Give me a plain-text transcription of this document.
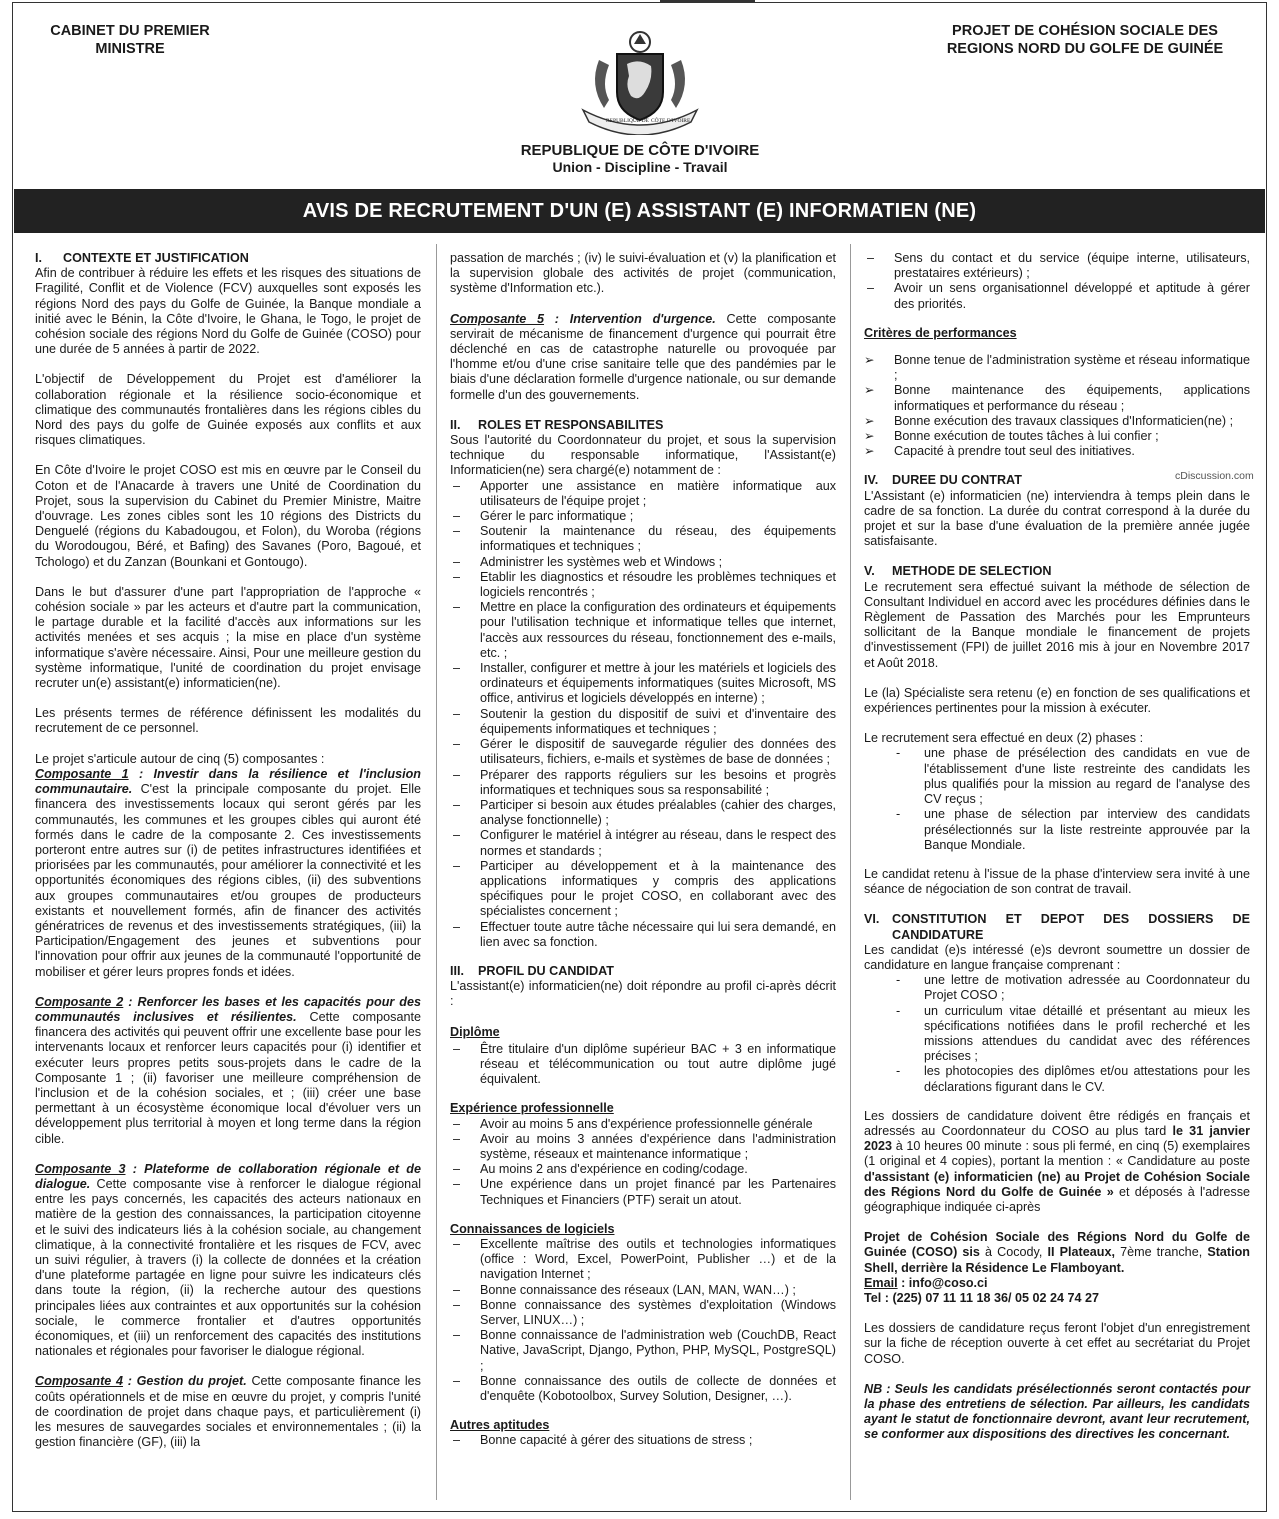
CABINET DU PREMIER MINISTRE
PROJET DE COHÉSION SOCIALE DES REGIONS NORD DU GOLFE DE GUINÉE
REPUBLIQUE DE CÔTE D'IVOIRE
REPUBLIQUE DE CÔTE D'IVOIRE
Union - Discipline - Travail
AVIS DE RECRUTEMENT D'UN (E) ASSISTANT (E) INFORMATIEN (NE)
I. CONTEXTE ET JUSTIFICATION

Afin de contribuer à réduire les effets et les risques des situations de Fragilité, Conflit et de Violence (FCV) auxquelles sont exposés les régions Nord des pays du Golfe de Guinée, la Banque mondiale a initié avec le Bénin, la Côte d'Ivoire, le Ghana, le Togo, le projet de cohésion sociale des régions Nord du Golfe de Guinée (COSO) pour une durée de 5 années à partir de 2022.

L'objectif de Développement du Projet est d'améliorer la collaboration régionale et la résilience socio-économique et climatique des communautés frontalières dans les régions cibles du Nord des pays du golfe de Guinée exposés aux conflits et aux risques climatiques.

En Côte d'Ivoire le projet COSO est mis en œuvre par le Conseil du Coton et de l'Anacarde à travers une Unité de Coordination du Projet, sous la supervision du Cabinet du Premier Ministre, Maitre d'ouvrage. Les zones cibles sont les 10 régions des Districts du Denguelé (régions du Kabadougou, et Folon), du Woroba (régions du Worodougou, Béré, et Bafing) des Savanes (Poro, Bagoué, et Tchologo) et du Zanzan (Bounkani et Gontougo).

Dans le but d'assurer d'une part l'appropriation de l'approche « cohésion sociale » par les acteurs et d'autre part la communication, le partage durable et la facilité d'accès aux informations sur les activités menées et ses acquis ; la mise en place d'un système informatique s'avère nécessaire. Ainsi, Pour une meilleure gestion du système informatique, l'unité de coordination du projet envisage recruter un(e) assistant(e) informaticien(ne).

Les présents termes de référence définissent les modalités du recrutement de ce personnel.

Le projet s'articule autour de cinq (5) composantes :

Composante 1 : Investir dans la résilience et l'inclusion communautaire. C'est la principale composante du projet. Elle financera des investissements locaux qui seront gérés par les communautés, les communes et les groupes cibles qui auront été formés dans le cadre de la composante 2. Ces investissements porteront entre autres sur (i) de petites infrastructures identifiées et priorisées par les communautés, pour améliorer la connectivité et les opportunités économiques des régions cibles, (ii) des subventions aux groupes communautaires et/ou groupes de producteurs existants et nouvellement formés, afin de financer des activités génératrices de revenus et des investissements stratégiques, (iii) la Participation/Engagement des jeunes et subventions pour l'innovation pour offrir aux jeunes de la communauté l'opportunité de mobiliser et gérer leurs propres fonds et idées.

Composante 2 : Renforcer les bases et les capacités pour des communautés inclusives et résilientes. Cette composante financera des activités qui peuvent offrir une excellente base pour les intervenants locaux et renforcer leurs capacités pour (i) identifier et exécuter leurs propres petits sous-projets dans le cadre de la Composante 1 ; (ii) favoriser une meilleure compréhension de l'inclusion et de la cohésion sociales, et ; (iii) créer une base permettant à un écosystème économique local d'évoluer vers un développement plus territorial à moyen et long terme dans la région cible.

Composante 3 : Plateforme de collaboration régionale et de dialogue. Cette composante vise à renforcer le dialogue régional entre les pays concernés, les capacités des acteurs nationaux en matière de la gestion des connaissances, la participation citoyenne et le suivi des indicateurs liés à la cohésion sociale, au changement climatique, à la connectivité frontalière et les risques de FCV, avec un suivi régulier, à travers (i) la collecte de données et la création d'une plateforme partagée en ligne pour suivre les indicateurs clés dans toute la région, (ii) la recherche autour des questions principales liées aux contraintes et aux opportunités sur la cohésion sociale, le commerce frontalier et d'autres opportunités économiques, et (iii) un renforcement des capacités des institutions nationales et régionales pour favoriser le dialogue régional.

Composante 4 : Gestion du projet. Cette composante finance les coûts opérationnels et de mise en œuvre du projet, y compris l'unité de coordination de projet dans chaque pays, et particulièrement (i) les mesures de sauvegardes sociales et environnementales ; (ii) la gestion financière (GF), (iii) la

passation de marchés ; (iv) le suivi-évaluation et (v) la planification et la supervision globale des activités de projet (communication, système d'Information etc.).

Composante 5 : Intervention d'urgence. Cette composante servirait de mécanisme de financement d'urgence qui pourrait être déclenché en cas de catastrophe naturelle ou provoquée par l'homme et/ou d'une crise sanitaire telle que des pandémies par le biais d'une déclaration formelle d'urgence nationale, ou sur demande formelle d'un des gouvernements.

II. ROLES ET RESPONSABILITES
Sous l'autorité du Coordonnateur du projet, et sous la supervision technique du responsable informatique, l'Assistant(e) Informaticien(ne) sera chargé(e) notamment de :
– Apporter une assistance en matière informatique aux utilisateurs de l'équipe projet ;
– Gérer le parc informatique ;
– Soutenir la maintenance du réseau, des équipements informatiques et techniques ;
– Administrer les systèmes web et Windows ;
– Etablir les diagnostics et résoudre les problèmes techniques et logiciels rencontrés ;
– Mettre en place la configuration des ordinateurs et équipements pour l'utilisation technique et informatique telles que internet, l'accès aux ressources du réseau, fonctionnement des e-mails, etc. ;
– Installer, configurer et mettre à jour les matériels et logiciels des ordinateurs et équipements informatiques (suites Microsoft, MS office, antivirus et logiciels développés en interne) ;
– Soutenir la gestion du dispositif de suivi et d'inventaire des équipements informatiques et techniques ;
– Gérer le dispositif de sauvegarde régulier des données des utilisateurs, fichiers, e-mails et systèmes de base de données ;
– Préparer des rapports réguliers sur les besoins et progrès informatiques et techniques sous sa responsabilité ;
– Participer si besoin aux études préalables (cahier des charges, analyse fonctionnelle) ;
– Configurer le matériel à intégrer au réseau, dans le respect des normes et standards ;
– Participer au développement et à la maintenance des applications informatiques y compris des applications spécifiques pour le projet COSO, en collaborant avec des spécialistes concernent ;
– Effectuer toute autre tâche nécessaire qui lui sera demandé, en lien avec sa fonction.
III. PROFIL DU CANDIDAT

L'assistant(e) informaticien(ne) doit répondre au profil ci-après décrit :

Diplôme
– Être titulaire d'un diplôme supérieur BAC + 3 en informatique réseau et télécommunication ou tout autre diplôme jugé équivalent.
Expérience professionnelle
– Avoir au moins 5 ans d'expérience professionnelle générale
– Avoir au moins 3 années d'expérience dans l'administration système, réseaux et maintenance informatique ;
– Au moins 2 ans d'expérience en coding/codage.
– Une expérience dans un projet financé par les Partenaires Techniques et Financiers (PTF) serait un atout.
Connaissances de logiciels
– Excellente maîtrise des outils et technologies informatiques (office : Word, Excel, PowerPoint, Publisher …) et de la navigation Internet ;
– Bonne connaissance des réseaux (LAN, MAN, WAN…) ;
– Bonne connaissance des systèmes d'exploitation (Windows Server, LINUX…) ;
– Bonne connaissance de l'administration web (CouchDB, React Native, JavaScript, Django, Python, PHP, MySQL, PostgreSQL) ;
– Bonne connaissance des outils de collecte de données et d'enquête (Kobotoolbox, Survey Solution, Designer, …).
Autres aptitudes
– Bonne capacité à gérer des situations de stress ;
– Sens du contact et du service (équipe interne, utilisateurs, prestataires extérieurs) ;
– Avoir un sens organisationnel développé et aptitude à gérer des priorités.
Critères de performances
➢ Bonne tenue de l'administration système et réseau informatique ;
➢ Bonne maintenance des équipements, applications informatiques et performance du réseau ;
➢ Bonne exécution des travaux classiques d'Informaticien(ne) ;
➢ Bonne exécution de toutes tâches à lui confier ;
➢ Capacité à prendre tout seul des initiatives.
IV. DUREE DU CONTRAT

L'Assistant (e) informaticien (ne) interviendra à temps plein dans le cadre de sa fonction. La durée du contrat correspond à la durée du projet et sur la base d'une évaluation de la première année jugée satisfaisante.

V. METHODE DE SELECTION

Le recrutement sera effectué suivant la méthode de sélection de Consultant Individuel en accord avec les procédures définies dans le Règlement de Passation des Marchés pour les Emprunteurs sollicitant de la Banque mondiale le financement de projets d'investissement (FPI) de juillet 2016 mis à jour en Novembre 2017 et Août 2018.

Le (la) Spécialiste sera retenu (e) en fonction de ses qualifications et expériences pertinentes pour la mission à exécuter.

Le recrutement sera effectué en deux (2) phases :
- une phase de présélection des candidats en vue de l'établissement d'une liste restreinte des candidats les plus qualifiés pour la mission au regard de l'analyse des CV reçus ;
- une phase de sélection par interview des candidats présélectionnés sur la liste restreinte approuvée par la Banque Mondiale.

Le candidat retenu à l'issue de la phase d'interview sera invité à une séance de négociation de son contrat de travail.

VI. CONSTITUTION ET DEPOT DES DOSSIERS DE CANDIDATURE
Les candidat (e)s intéressé (e)s devront soumettre un dossier de candidature en langue française comprenant :
- une lettre de motivation adressée au Coordonnateur du Projet COSO ;
- un curriculum vitae détaillé et présentant au mieux les spécifications notifiées dans le profil recherché et les missions attendues du candidat avec des références précises ;
- les photocopies des diplômes et/ou attestations pour les déclarations figurant dans le CV.

Les dossiers de candidature doivent être rédigés en français et adressés au Coordonnateur du COSO au plus tard le 31 janvier 2023 à 10 heures 00 minute : sous pli fermé, en cinq (5) exemplaires (1 original et 4 copies), portant la mention : « Candidature au poste d'assistant (e) informaticien (ne) au Projet de Cohésion Sociale des Régions Nord du Golfe de Guinée » et déposés à l'adresse géographique indiquée ci-après

Projet de Cohésion Sociale des Régions Nord du Golfe de Guinée (COSO) sis à Cocody, II Plateaux, 7ème tranche, Station Shell, derrière la Résidence Le Flamboyant.
Email : info@coso.ci

Tel : (225) 07 11 11 18 36/ 05 02 24 74 27

Les dossiers de candidature reçus feront l'objet d'un enregistrement sur la fiche de réception ouverte à cet effet au secrétariat du Projet COSO.

NB : Seuls les candidats présélectionnés seront contactés pour la phase des entretiens de sélection. Par ailleurs, les candidats ayant le statut de fonctionnaire devront, avant leur recrutement, se conformer aux dispositions des directives les concernant.

cDiscussion.com
